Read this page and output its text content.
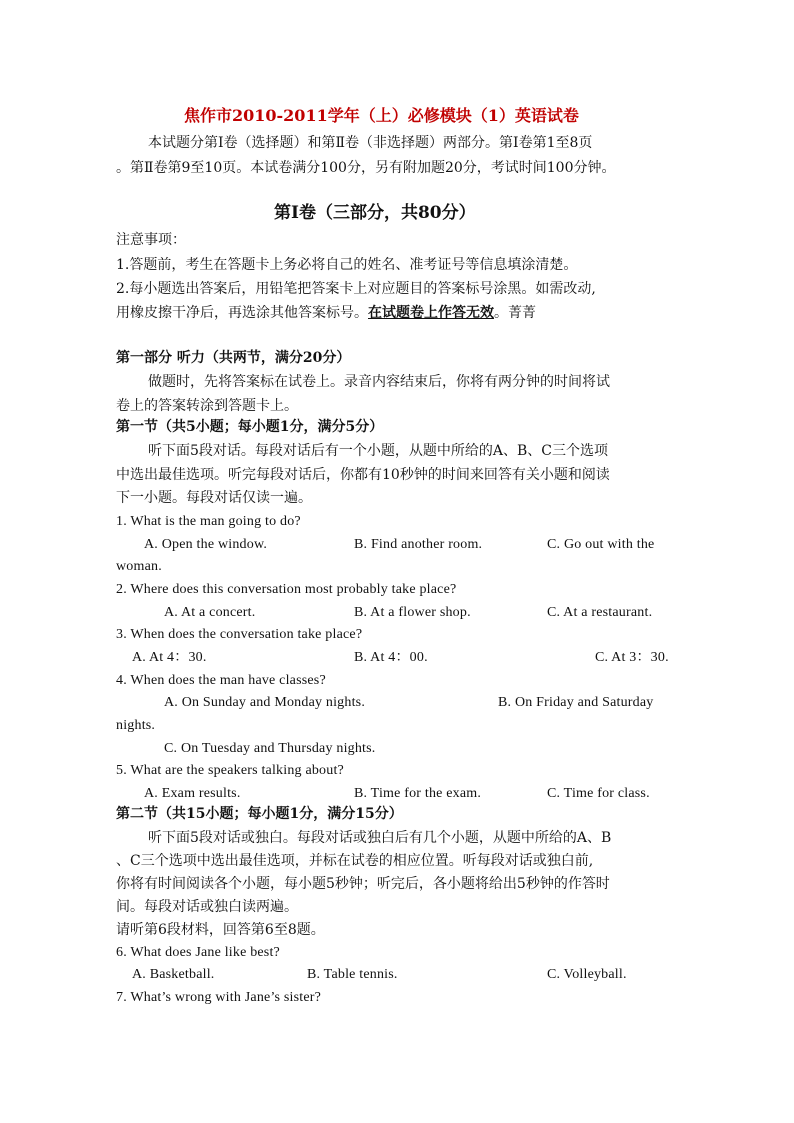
焦作市2010-2011学年（上）必修模块（1）英语试卷
本试题分第Ⅰ卷（选择题）和第Ⅱ卷（非选择题）两部分。第Ⅰ卷第1至8页
。第Ⅱ卷第9至10页。本试卷满分100分，另有附加题20分，考试时间100分钟。
第Ⅰ卷（三部分，共80分）
注意事项：
1.答题前，考生在答题卡上务必将自己的姓名、准考证号等信息填涂清楚。
2.每小题选出答案后，用铅笔把答案卡上对应题目的答案标号涂黑。如需改动,
用橡皮擦干净后，再选涂其他答案标号。在试题卷上作答无效。菁菁
第一部分 听力（共两节，满分20分）
做题时，先将答案标在试卷上。录音内容结束后，你将有两分钟的时间将试
卷上的答案转涂到答题卡上。
第一节（共5小题；每小题1分，满分5分）
听下面5段对话。每段对话后有一个小题，从题中所给的A、B、C三个选项
中选出最佳选项。听完每段对话后，你都有10秒钟的时间来回答有关小题和阅读
下一小题。每段对话仅读一遍。
1. What is the man going to do?
A. Open the window.	B. Find another room.	C. Go out with the
woman.
2. Where does this conversation most probably take place?
A. At a concert.	B. At a flower shop.	C. At a restaurant.
3. When does the conversation take place?
A. At 4：30.	B. At 4：00.	C. At 3：30.
4. When does the man have classes?
A. On Sunday and Monday nights.	B. On Friday and Saturday
nights.
C. On Tuesday and Thursday nights.
5. What are the speakers talking about?
A. Exam results.	B. Time for the exam.	C. Time for class.
第二节（共15小题；每小题1分，满分15分）
听下面5段对话或独白。每段对话或独白后有几个小题，从题中所给的A、B
、C三个选项中选出最佳选项，并标在试卷的相应位置。听每段对话或独白前,
你将有时间阅读各个小题，每小题5秒钟；听完后，各小题将给出5秒钟的作答时
间。每段对话或独白读两遍。
请听第6段材料，回答第6至8题。
6. What does Jane like best?
A. Basketball.	B. Table tennis.	C. Volleyball.
7. What’s wrong with Jane’s sister?
